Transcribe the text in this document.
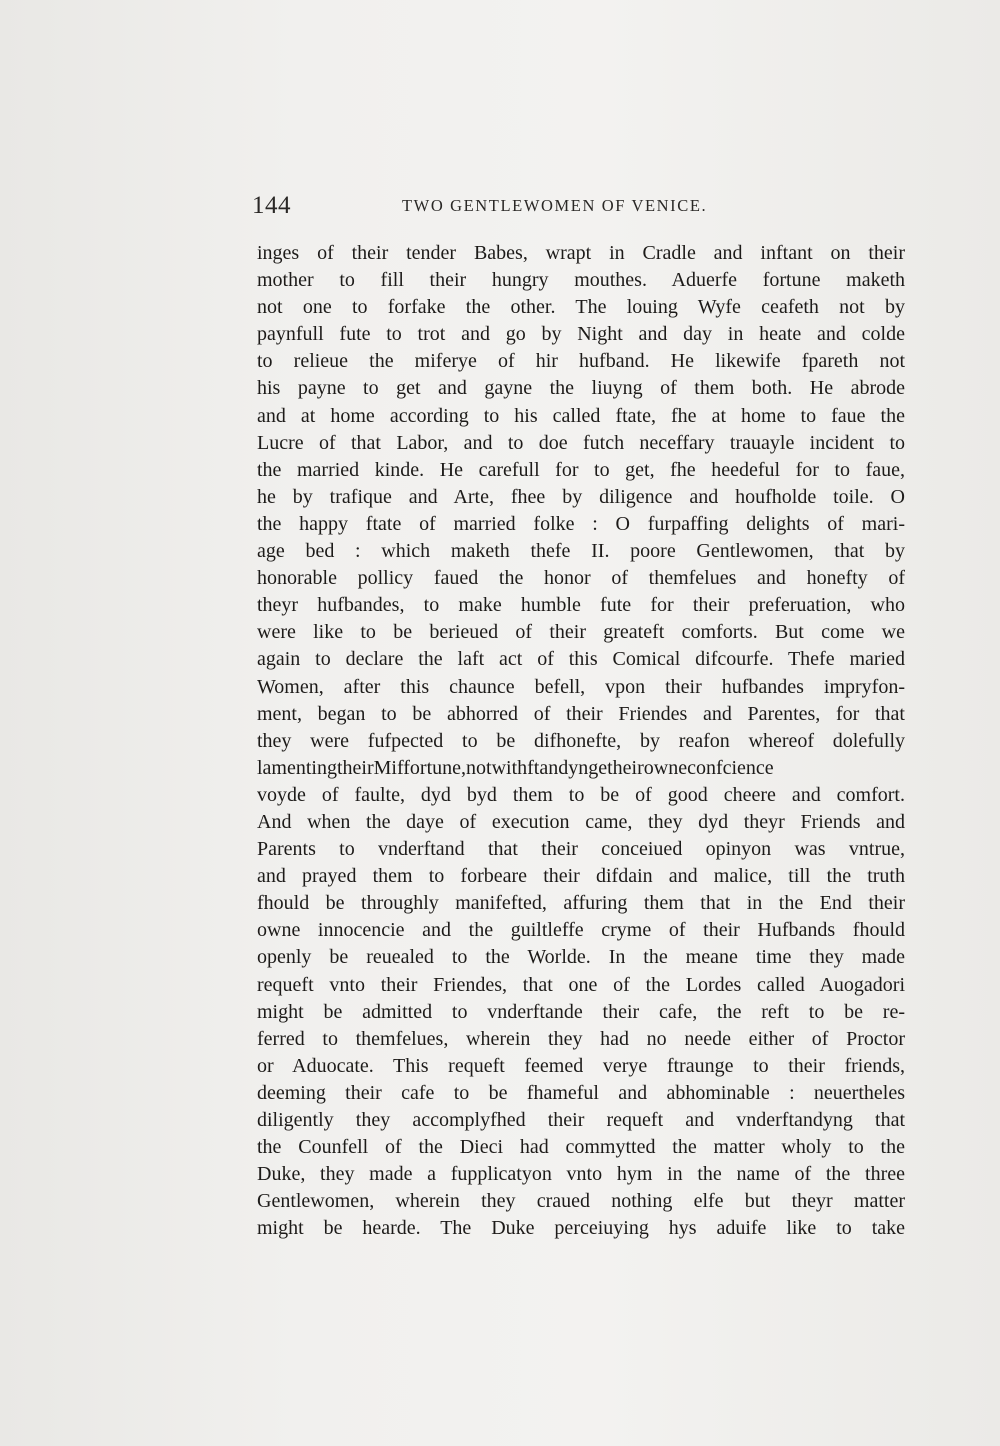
144	TWO GENTLEWOMEN OF VENICE.
inges of their tender Babes, wrapt in Cradle and inftant on their
mother to fill their hungry mouthes. Aduerfe fortune maketh
not one to forfake the other. The louing Wyfe ceafeth not by
paynfull fute to trot and go by Night and day in heate and colde
to relieue the miferye of hir hufband. He likewife fpareth not
his payne to get and gayne the liuyng of them both. He abrode
and at home according to his called ftate, fhe at home to faue the
Lucre of that Labor, and to doe futch neceffary trauayle incident to
the married kinde. He carefull for to get, fhe heedeful for to faue,
he by trafique and Arte, fhee by diligence and houfholde toile. O
the happy ftate of married folke : O furpaffing delights of mari-
age bed : which maketh thefe II. poore Gentlewomen, that by
honorable pollicy faued the honor of themfelues and honefty of
theyr hufbandes, to make humble fute for their preferuation, who
were like to be berieued of their greateft comforts. But come we
again to declare the laft act of this Comical difcourfe. Thefe maried
Women, after this chaunce befell, vpon their hufbandes impryfon-
ment, began to be abhorred of their Friendes and Parentes, for that
they were fufpected to be difhonefte, by reafon whereof dolefully
lamentingtheirMiffortune,notwithftandyngetheirowneconfcience
voyde of faulte, dyd byd them to be of good cheere and comfort.
And when the daye of execution came, they dyd theyr Friends and
Parents to vnderftand that their conceiued opinyon was vntrue,
and prayed them to forbeare their difdain and malice, till the truth
fhould be throughly manifefted, affuring them that in the End their
owne innocencie and the guiltleffe cryme of their Hufbands fhould
openly be reuealed to the Worlde. In the meane time they made
requeft vnto their Friendes, that one of the Lordes called Auogadori
might be admitted to vnderftande their cafe, the reft to be re-
ferred to themfelues, wherein they had no neede either of Proctor
or Aduocate. This requeft feemed verye ftraunge to their friends,
deeming their cafe to be fhameful and abhominable : neuertheles
diligently they accomplyfhed their requeft and vnderftandyng that
the Counfell of the Dieci had commytted the matter wholy to the
Duke, they made a fupplicatyon vnto hym in the name of the three
Gentlewomen, wherein they craued nothing elfe but theyr matter
might be hearde. The Duke perceiuying hys aduife like to take
